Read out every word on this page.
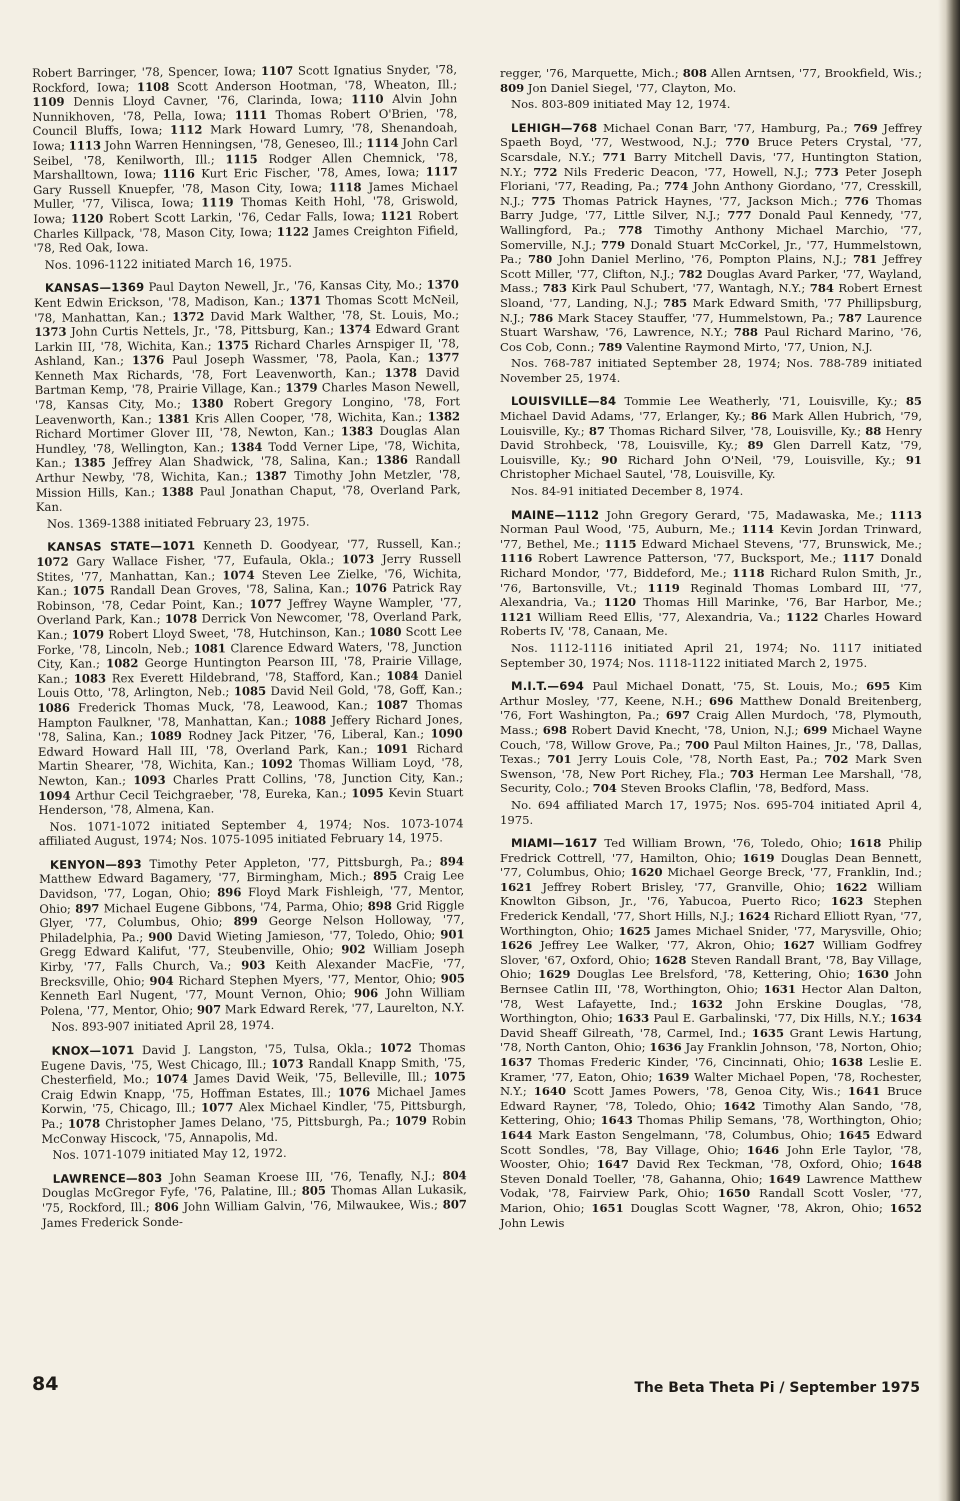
Robert Barringer, '78, Spencer, Iowa; 1107 Scott Ignatius Snyder, '78, Rockford, Iowa; 1108 Scott Anderson Hootman, '78, Wheaton, Ill.; 1109 Dennis Lloyd Cavner, '76, Clarinda, Iowa; 1110 Alvin John Nunnikhoven, '78, Pella, Iowa; 1111 Thomas Robert O'Brien, '78, Council Bluffs, Iowa; 1112 Mark Howard Lumry, '78, Shenandoah, Iowa; 1113 John Warren Henningsen, '78, Geneseo, Ill.; 1114 John Carl Seibel, '78, Kenilworth, Ill.; 1115 Rodger Allen Chemnick, '78, Marshalltown, Iowa; 1116 Kurt Eric Fischer, '78, Ames, Iowa; 1117 Gary Russell Knuepfer, '78, Mason City, Iowa; 1118 James Michael Muller, '77, Vilisca, Iowa; 1119 Thomas Keith Hohl, '78, Griswold, Iowa; 1120 Robert Scott Larkin, '76, Cedar Falls, Iowa; 1121 Robert Charles Killpack, '78, Mason City, Iowa; 1122 James Creighton Fifield, '78, Red Oak, Iowa.

Nos. 1096-1122 initiated March 16, 1975.

KANSAS—1369 Paul Dayton Newell, Jr., '76, Kansas City, Mo.; 1370 Kent Edwin Erickson, '78, Madison, Kan.; 1371 Thomas Scott McNeil, '78, Manhattan, Kan.; 1372 David Mark Walther, '78, St. Louis, Mo.; 1373 John Curtis Nettels, Jr., '78, Pittsburg, Kan.; 1374 Edward Grant Larkin III, '78, Wichita, Kan.; 1375 Richard Charles Arnspiger II, '78, Ashland, Kan.; 1376 Paul Joseph Wassmer, '78, Paola, Kan.; 1377 Kenneth Max Richards, '78, Fort Leavenworth, Kan.; 1378 David Bartman Kemp, '78, Prairie Village, Kan.; 1379 Charles Mason Newell, '78, Kansas City, Mo.; 1380 Robert Gregory Longino, '78, Fort Leavenworth, Kan.; 1381 Kris Allen Cooper, '78, Wichita, Kan.; 1382 Richard Mortimer Glover III, '78, Newton, Kan.; 1383 Douglas Alan Hundley, '78, Wellington, Kan.; 1384 Todd Verner Lipe, '78, Wichita, Kan.; 1385 Jeffrey Alan Shadwick, '78, Salina, Kan.; 1386 Randall Arthur Newby, '78, Wichita, Kan.; 1387 Timothy John Metzler, '78, Mission Hills, Kan.; 1388 Paul Jonathan Chaput, '78, Overland Park, Kan.

Nos. 1369-1388 initiated February 23, 1975.

KANSAS STATE—1071 Kenneth D. Goodyear, '77, Russell, Kan.; 1072 Gary Wallace Fisher, '77, Eufaula, Okla.; 1073 Jerry Russell Stites, '77, Manhattan, Kan.; 1074 Steven Lee Zielke, '76, Wichita, Kan.; 1075 Randall Dean Groves, '78, Salina, Kan.; 1076 Patrick Ray Robinson, '78, Cedar Point, Kan.; 1077 Jeffrey Wayne Wampler, '77, Overland Park, Kan.; 1078 Derrick Von Newcomer, '78, Overland Park, Kan.; 1079 Robert Lloyd Sweet, '78, Hutchinson, Kan.; 1080 Scott Lee Forke, '78, Lincoln, Neb.; 1081 Clarence Edward Waters, '78, Junction City, Kan.; 1082 George Huntington Pearson III, '78, Prairie Village, Kan.; 1083 Rex Everett Hildebrand, '78, Stafford, Kan.; 1084 Daniel Louis Otto, '78, Arlington, Neb.; 1085 David Neil Gold, '78, Goff, Kan.; 1086 Frederick Thomas Muck, '78, Leawood, Kan.; 1087 Thomas Hampton Faulkner, '78, Manhattan, Kan.; 1088 Jeffery Richard Jones, '78, Salina, Kan.; 1089 Rodney Jack Pitzer, '76, Liberal, Kan.; 1090 Edward Howard Hall III, '78, Overland Park, Kan.; 1091 Richard Martin Shearer, '78, Wichita, Kan.; 1092 Thomas William Loyd, '78, Newton, Kan.; 1093 Charles Pratt Collins, '78, Junction City, Kan.; 1094 Arthur Cecil Teichgraeber, '78, Eureka, Kan.; 1095 Kevin Stuart Henderson, '78, Almena, Kan.

Nos. 1071-1072 initiated September 4, 1974; Nos. 1073-1074 affiliated August, 1974; Nos. 1075-1095 initiated February 14, 1975.

KENYON—893 Timothy Peter Appleton, '77, Pittsburgh, Pa.; 894 Matthew Edward Bagamery, '77, Birmingham, Mich.; 895 Craig Lee Davidson, '77, Logan, Ohio; 896 Floyd Mark Fishleigh, '77, Mentor, Ohio; 897 Michael Eugene Gibbons, '74, Parma, Ohio; 898 Grid Riggle Glyer, '77, Columbus, Ohio; 899 George Nelson Holloway, '77, Philadelphia, Pa.; 900 David Wieting Jamieson, '77, Toledo, Ohio; 901 Gregg Edward Kalifut, '77, Steubenville, Ohio; 902 William Joseph Kirby, '77, Falls Church, Va.; 903 Keith Alexander MacFie, '77, Brecksville, Ohio; 904 Richard Stephen Myers, '77, Mentor, Ohio; 905 Kenneth Earl Nugent, '77, Mount Vernon, Ohio; 906 John William Polena, '77, Mentor, Ohio; 907 Mark Edward Rerek, '77, Laurelton, N.Y.

Nos. 893-907 initiated April 28, 1974.

KNOX—1071 David J. Langston, '75, Tulsa, Okla.; 1072 Thomas Eugene Davis, '75, West Chicago, Ill.; 1073 Randall Knapp Smith, '75, Chesterfield, Mo.; 1074 James David Weik, '75, Belleville, Ill.; 1075 Craig Edwin Knapp, '75, Hoffman Estates, Ill.; 1076 Michael James Korwin, '75, Chicago, Ill.; 1077 Alex Michael Kindler, '75, Pittsburgh, Pa.; 1078 Christopher James Delano, '75, Pittsburgh, Pa.; 1079 Robin McConway Hiscock, '75, Annapolis, Md.

Nos. 1071-1079 initiated May 12, 1972.

LAWRENCE—803 John Seaman Kroese III, '76, Tenafly, N.J.; 804 Douglas McGregor Fyfe, '76, Palatine, Ill.; 805 Thomas Allan Lukasik, '75, Rockford, Ill.; 806 John William Galvin, '76, Milwaukee, Wis.; 807 James Frederick Sonde-

regger, '76, Marquette, Mich.; 808 Allen Arntsen, '77, Brookfield, Wis.; 809 Jon Daniel Siegel, '77, Clayton, Mo.

Nos. 803-809 initiated May 12, 1974.

LEHIGH—768 Michael Conan Barr, '77, Hamburg, Pa.; 769 Jeffrey Spaeth Boyd, '77, Westwood, N.J.; 770 Bruce Peters Crystal, '77, Scarsdale, N.Y.; 771 Barry Mitchell Davis, '77, Huntington Station, N.Y.; 772 Nils Frederic Deacon, '77, Howell, N.J.; 773 Peter Joseph Floriani, '77, Reading, Pa.; 774 John Anthony Giordano, '77, Cresskill, N.J.; 775 Thomas Patrick Haynes, '77, Jackson Mich.; 776 Thomas Barry Judge, '77, Little Silver, N.J.; 777 Donald Paul Kennedy, '77, Wallingford, Pa.; 778 Timothy Anthony Michael Marchio, '77, Somerville, N.J.; 779 Donald Stuart McCorkel, Jr., '77, Hummelstown, Pa.; 780 John Daniel Merlino, '76, Pompton Plains, N.J.; 781 Jeffrey Scott Miller, '77, Clifton, N.J.; 782 Douglas Avard Parker, '77, Wayland, Mass.; 783 Kirk Paul Schubert, '77, Wantagh, N.Y.; 784 Robert Ernest Sloand, '77, Landing, N.J.; 785 Mark Edward Smith, '77 Phillipsburg, N.J.; 786 Mark Stacey Stauffer, '77, Hummelstown, Pa.; 787 Laurence Stuart Warshaw, '76, Lawrence, N.Y.; 788 Paul Richard Marino, '76, Cos Cob, Conn.; 789 Valentine Raymond Mirto, '77, Union, N.J.

Nos. 768-787 initiated September 28, 1974; Nos. 788-789 initiated November 25, 1974.

LOUISVILLE—84 Tommie Lee Weatherly, '71, Louisville, Ky.; 85 Michael David Adams, '77, Erlanger, Ky.; 86 Mark Allen Hubrich, '79, Louisville, Ky.; 87 Thomas Richard Silver, '78, Louisville, Ky.; 88 Henry David Strohbeck, '78, Louisville, Ky.; 89 Glen Darrell Katz, '79, Louisville, Ky.; 90 Richard John O'Neil, '79, Louisville, Ky.; 91 Christopher Michael Sautel, '78, Louisville, Ky.

Nos. 84-91 initiated December 8, 1974.

MAINE—1112 John Gregory Gerard, '75, Madawaska, Me.; 1113 Norman Paul Wood, '75, Auburn, Me.; 1114 Kevin Jordan Trinward, '77, Bethel, Me.; 1115 Edward Michael Stevens, '77, Brunswick, Me.; 1116 Robert Lawrence Patterson, '77, Bucksport, Me.; 1117 Donald Richard Mondor, '77, Biddeford, Me.; 1118 Richard Rulon Smith, Jr., '76, Bartonsville, Vt.; 1119 Reginald Thomas Lombard III, '77, Alexandria, Va.; 1120 Thomas Hill Marinke, '76, Bar Harbor, Me.; 1121 William Reed Ellis, '77, Alexandria, Va.; 1122 Charles Howard Roberts IV, '78, Canaan, Me.

Nos. 1112-1116 initiated April 21, 1974; No. 1117 initiated September 30, 1974; Nos. 1118-1122 initiated March 2, 1975.

M.I.T.—694 Paul Michael Donatt, '75, St. Louis, Mo.; 695 Kim Arthur Mosley, '77, Keene, N.H.; 696 Matthew Donald Breitenberg, '76, Fort Washington, Pa.; 697 Craig Allen Murdoch, '78, Plymouth, Mass.; 698 Robert David Knecht, '78, Union, N.J.; 699 Michael Wayne Couch, '78, Willow Grove, Pa.; 700 Paul Milton Haines, Jr., '78, Dallas, Texas.; 701 Jerry Louis Cole, '78, North East, Pa.; 702 Mark Sven Swenson, '78, New Port Richey, Fla.; 703 Herman Lee Marshall, '78, Security, Colo.; 704 Steven Brooks Claflin, '78, Bedford, Mass.

No. 694 affiliated March 17, 1975; Nos. 695-704 initiated April 4, 1975.

MIAMI—1617 Ted William Brown, '76, Toledo, Ohio; 1618 Philip Fredrick Cottrell, '77, Hamilton, Ohio; 1619 Douglas Dean Bennett, '77, Columbus, Ohio; 1620 Michael George Breck, '77, Franklin, Ind.; 1621 Jeffrey Robert Brisley, '77, Granville, Ohio; 1622 William Knowlton Gibson, Jr., '76, Yabucoa, Puerto Rico; 1623 Stephen Frederick Kendall, '77, Short Hills, N.J.; 1624 Richard Elliott Ryan, '77, Worthington, Ohio; 1625 James Michael Snider, '77, Marysville, Ohio; 1626 Jeffrey Lee Walker, '77, Akron, Ohio; 1627 William Godfrey Slover, '67, Oxford, Ohio; 1628 Steven Randall Brant, '78, Bay Village, Ohio; 1629 Douglas Lee Brelsford, '78, Kettering, Ohio; 1630 John Bernsee Catlin III, '78, Worthington, Ohio; 1631 Hector Alan Dalton, '78, West Lafayette, Ind.; 1632 John Erskine Douglas, '78, Worthington, Ohio; 1633 Paul E. Garbalinski, '77, Dix Hills, N.Y.; 1634 David Sheaff Gilreath, '78, Carmel, Ind.; 1635 Grant Lewis Hartung, '78, North Canton, Ohio; 1636 Jay Franklin Johnson, '78, Norton, Ohio; 1637 Thomas Frederic Kinder, '76, Cincinnati, Ohio; 1638 Leslie E. Kramer, '77, Eaton, Ohio; 1639 Walter Michael Popen, '78, Rochester, N.Y.; 1640 Scott James Powers, '78, Genoa City, Wis.; 1641 Bruce Edward Rayner, '78, Toledo, Ohio; 1642 Timothy Alan Sando, '78, Kettering, Ohio; 1643 Thomas Philip Semans, '78, Worthington, Ohio; 1644 Mark Easton Sengelmann, '78, Columbus, Ohio; 1645 Edward Scott Sondles, '78, Bay Village, Ohio; 1646 John Erle Taylor, '78, Wooster, Ohio; 1647 David Rex Teckman, '78, Oxford, Ohio; 1648 Steven Donald Toeller, '78, Gahanna, Ohio; 1649 Lawrence Matthew Vodak, '78, Fairview Park, Ohio; 1650 Randall Scott Vosler, '77, Marion, Ohio; 1651 Douglas Scott Wagner, '78, Akron, Ohio; 1652 John Lewis

84	The Beta Theta Pi / September 1975
